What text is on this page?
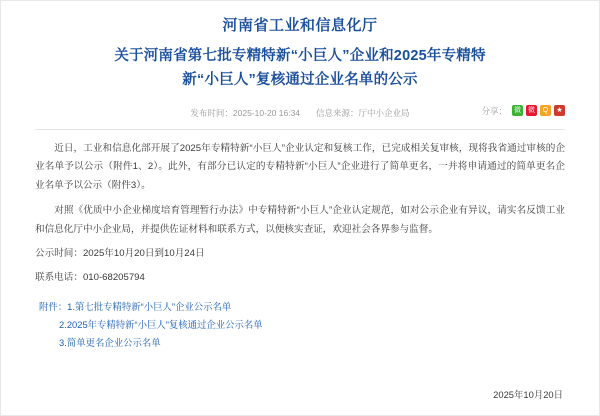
河南省工业和信息化厅
关于河南省第七批专精特新“小巨人”企业和2025年专精特
新“小巨人”复核通过企业名单的公示
发布时间：2025-10-20 16:34 信息来源：厅中小企业局	分享： 微 微	Q	★

近日，工业和信息化部开展了2025年专精特新“小巨人”企业认定和复核工作，已完成相关复审核，现将我省通过审核的企业名单予以公示（附件1、2）。此外，有部分已认定的专精特新“小巨人”企业进行了简单更名，一并将申请通过的简单更名企业名单予以公示（附件3）。

对照《优质中小企业梯度培育管理暂行办法》中专精特新“小巨人”企业认定规范，如对公示企业有异议，请实名反馈工业和信息化厅中小企业局，并提供佐证材料和联系方式，以便核实查证，欢迎社会各界参与监督。

公示时间：2025年10月20日到10月24日
联系电话：010-68205794
附件：1.第七批专精特新“小巨人”企业公示名单
2.2025年专精特新“小巨人”复核通过企业公示名单
3.简单更名企业公示名单
2025年10月20日
